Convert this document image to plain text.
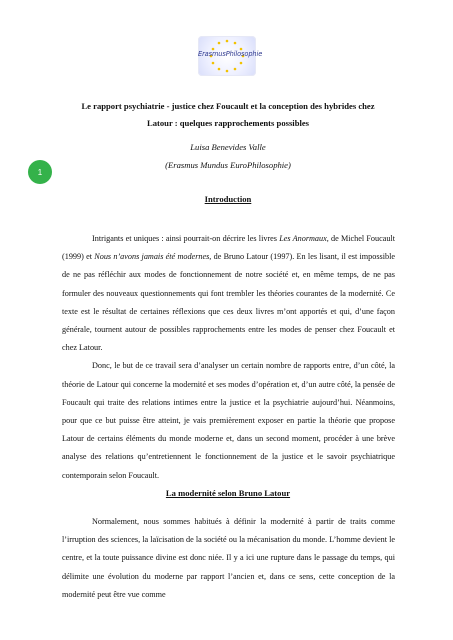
ErasmusPhilosophie
1
Le rapport psychiatrie - justice chez Foucault et la conception des hybrides chez
Latour : quelques rapprochements possibles
Luisa Benevides Valle
(Erasmus Mundus EuroPhilosophie)
Introduction

Intrigants et uniques : ainsi pourrait-on décrire les livres Les Anormaux, de Michel Foucault (1999) et Nous n’avons jamais été modernes, de Bruno Latour (1997). En les lisant, il est impossible de ne pas réfléchir aux modes de fonctionnement de notre société et, en même temps, de ne pas formuler des nouveaux questionnements qui font trembler les théories courantes de la modernité. Ce texte est le résultat de certaines réflexions que ces deux livres m’ont apportés et qui, d’une façon générale, tournent autour de possibles rapprochements entre les modes de penser chez Foucault et chez Latour.

Donc, le but de ce travail sera d’analyser un certain nombre de rapports entre, d’un côté, la théorie de Latour qui concerne la modernité et ses modes d’opération et, d’un autre côté, la pensée de Foucault qui traite des relations intimes entre la justice et la psychiatrie aujourd’hui. Néanmoins, pour que ce but puisse être atteint, je vais premièrement exposer en partie la théorie que propose Latour de certains éléments du monde moderne et, dans un second moment, procéder à une brève analyse des relations qu’entretiennent le fonctionnement de la justice et le savoir psychiatrique contemporain selon Foucault.

La modernité selon Bruno Latour

Normalement, nous sommes habitués à définir la modernité à partir de traits comme l’irruption des sciences, la laïcisation de la société ou la mécanisation du monde. L’homme devient le centre, et la toute puissance divine est donc niée. Il y a ici une rupture dans le passage du temps, qui délimite une évolution du moderne par rapport l’ancien et, dans ce sens, cette conception de la modernité peut être vue comme
